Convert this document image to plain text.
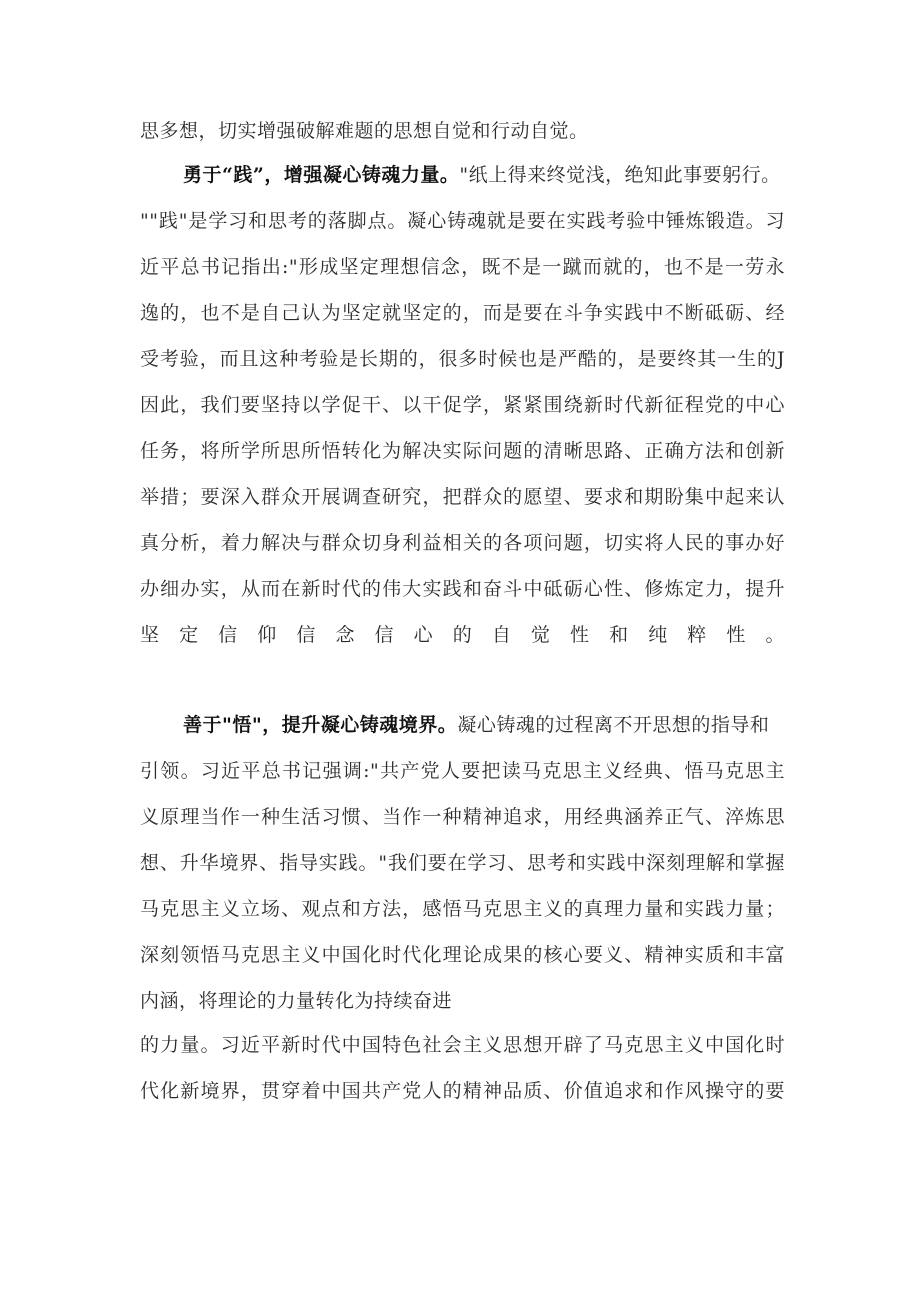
思多想，切实增强破解难题的思想自觉和行动自觉。
勇于“践”，增强凝心铸魂力量。"纸上得来终觉浅，绝知此事要躬行。
""践"是学习和思考的落脚点。凝心铸魂就是要在实践考验中锤炼锻造。习
近平总书记指出:"形成坚定理想信念，既不是一蹴而就的，也不是一劳永
逸的，也不是自己认为坚定就坚定的，而是要在斗争实践中不断砥砺、经
受考验，而且这种考验是长期的，很多时候也是严酷的，是要终其一生的J
因此，我们要坚持以学促干、以干促学，紧紧围绕新时代新征程党的中心
任务，将所学所思所悟转化为解决实际问题的清晰思路、正确方法和创新
举措；要深入群众开展调查研究，把群众的愿望、要求和期盼集中起来认
真分析，着力解决与群众切身利益相关的各项问题，切实将人民的事办好
办细办实，从而在新时代的伟大实践和奋斗中砥砺心性、修炼定力，提升
坚定信仰信念信心的自觉性和纯粹性。
善于"悟"，提升凝心铸魂境界。凝心铸魂的过程离不开思想的指导和
引领。习近平总书记强调:"共产党人要把读马克思主义经典、悟马克思主
义原理当作一种生活习惯、当作一种精神追求，用经典涵养正气、淬炼思
想、升华境界、指导实践。"我们要在学习、思考和实践中深刻理解和掌握
马克思主义立场、观点和方法，感悟马克思主义的真理力量和实践力量；
深刻领悟马克思主义中国化时代化理论成果的核心要义、精神实质和丰富
内涵，将理论的力量转化为持续奋进
的力量。习近平新时代中国特色社会主义思想开辟了马克思主义中国化时
代化新境界，贯穿着中国共产党人的精神品质、价值追求和作风操守的要
